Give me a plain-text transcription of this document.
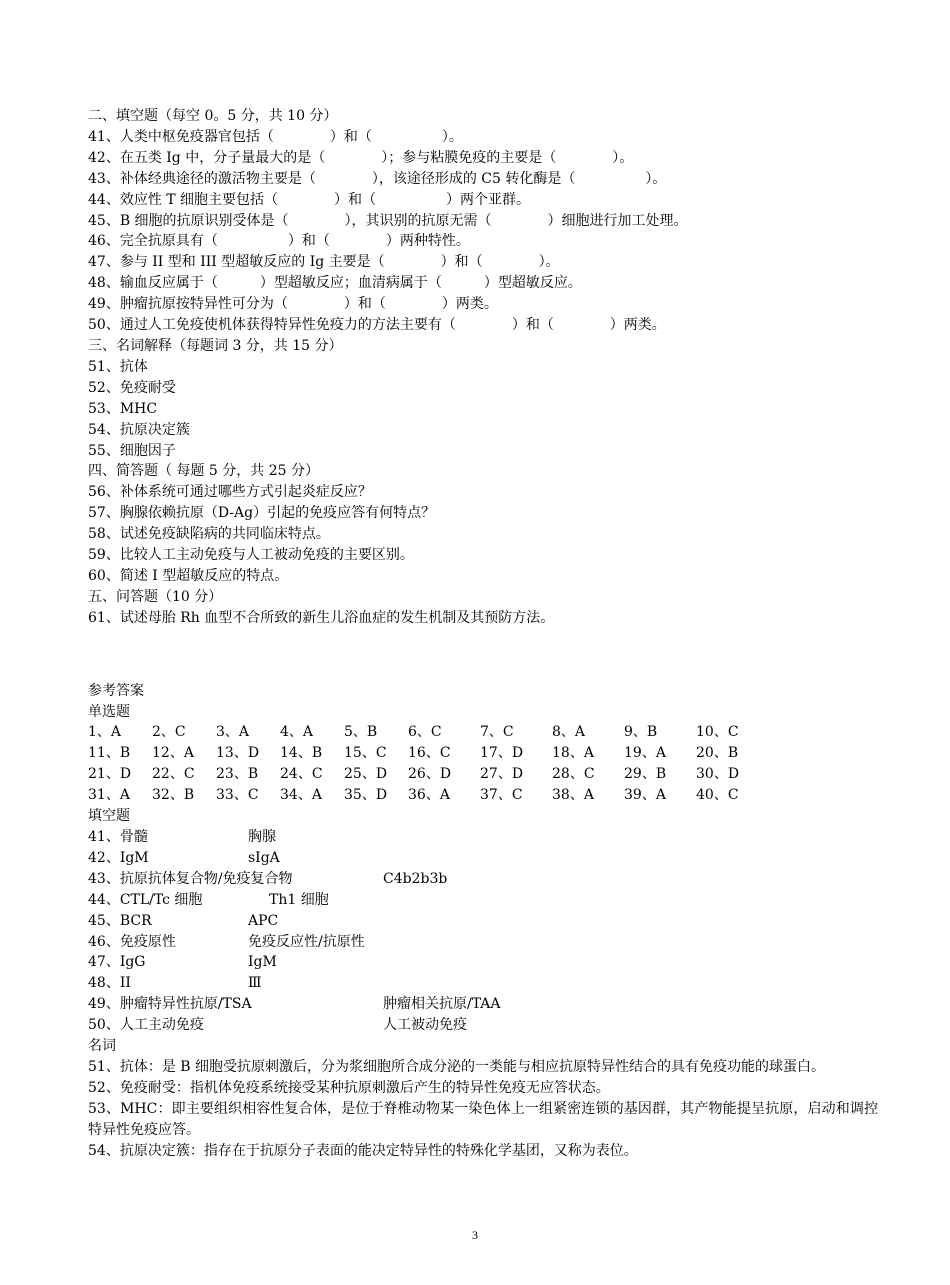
二、填空题（每空 0。5 分，共 10 分）
41、人类中枢免疫器官包括（　　　　）和（　　　　　）。
42、在五类 Ig 中，分子量最大的是（　　　　）；参与粘膜免疫的主要是（　　　　）。
43、补体经典途径的激活物主要是（　　　　），该途径形成的 C5 转化酶是（　　　　　）。
44、效应性 T 细胞主要包括（　　　　）和（　　　　　）两个亚群。
45、B 细胞的抗原识别受体是（　　　　），其识别的抗原无需（　　　　）细胞进行加工处理。
46、完全抗原具有（　　　　　）和（　　　　）两种特性。
47、参与 II 型和 III 型超敏反应的 Ig 主要是（　　　　）和（　　　　）。
48、输血反应属于（　　　）型超敏反应；血清病属于（　　　）型超敏反应。
49、肿瘤抗原按特异性可分为（　　　　）和（　　　　）两类。
50、通过人工免疫使机体获得特异性免疫力的方法主要有（　　　　）和（　　　　）两类。
三、名词解释（每题词 3 分，共 15 分）
51、抗体
52、免疫耐受
53、MHC
54、抗原决定簇
55、细胞因子
四、简答题（ 每题 5 分，共 25 分）
56、补体系统可通过哪些方式引起炎症反应？
57、胸腺依赖抗原（D-Ag）引起的免疫应答有何特点？
58、试述免疫缺陷病的共同临床特点。
59、比较人工主动免疫与人工被动免疫的主要区别。
60、简述 I 型超敏反应的特点。
五、问答题（10 分）
61、试述母胎 Rh 血型不合所致的新生儿浴血症的发生机制及其预防方法。
参考答案
单选题
1、A	2、C	3、A	4、A	5、B	6、C	7、C	8、A	9、B	10、C
11、B	12、A	13、D	14、B	15、C	16、C	17、D	18、A	19、A	20、B
21、D	22、C	23、B	24、C	25、D	26、D	27、D	28、C	29、B	30、D
31、A	32、B	33、C	34、A	35、D	36、A	37、C	38、A	39、A	40、C
填空题
41、骨髓	胸腺
42、IgM	sIgA
43、抗原抗体复合物/免疫复合物	C4b2b3b
44、CTL/Tc 细胞	Th1 细胞
45、BCR	APC
46、免疫原性	免疫反应性/抗原性
47、IgG	IgM
48、II	Ⅲ
49、肿瘤特异性抗原/TSA	肿瘤相关抗原/TAA
50、人工主动免疫	人工被动免疫
名词
51、抗体：是 B 细胞受抗原刺激后，分为浆细胞所合成分泌的一类能与相应抗原特异性结合的具有免疫功能的球蛋白。
52、免疫耐受：指机体免疫系统接受某种抗原刺激后产生的特异性免疫无应答状态。
53、MHC：即主要组织相容性复合体，是位于脊椎动物某一染色体上一组紧密连锁的基因群，其产物能提呈抗原，启动和调控特异性免疫应答。
54、抗原决定簇：指存在于抗原分子表面的能决定特异性的特殊化学基团，又称为表位。
3
